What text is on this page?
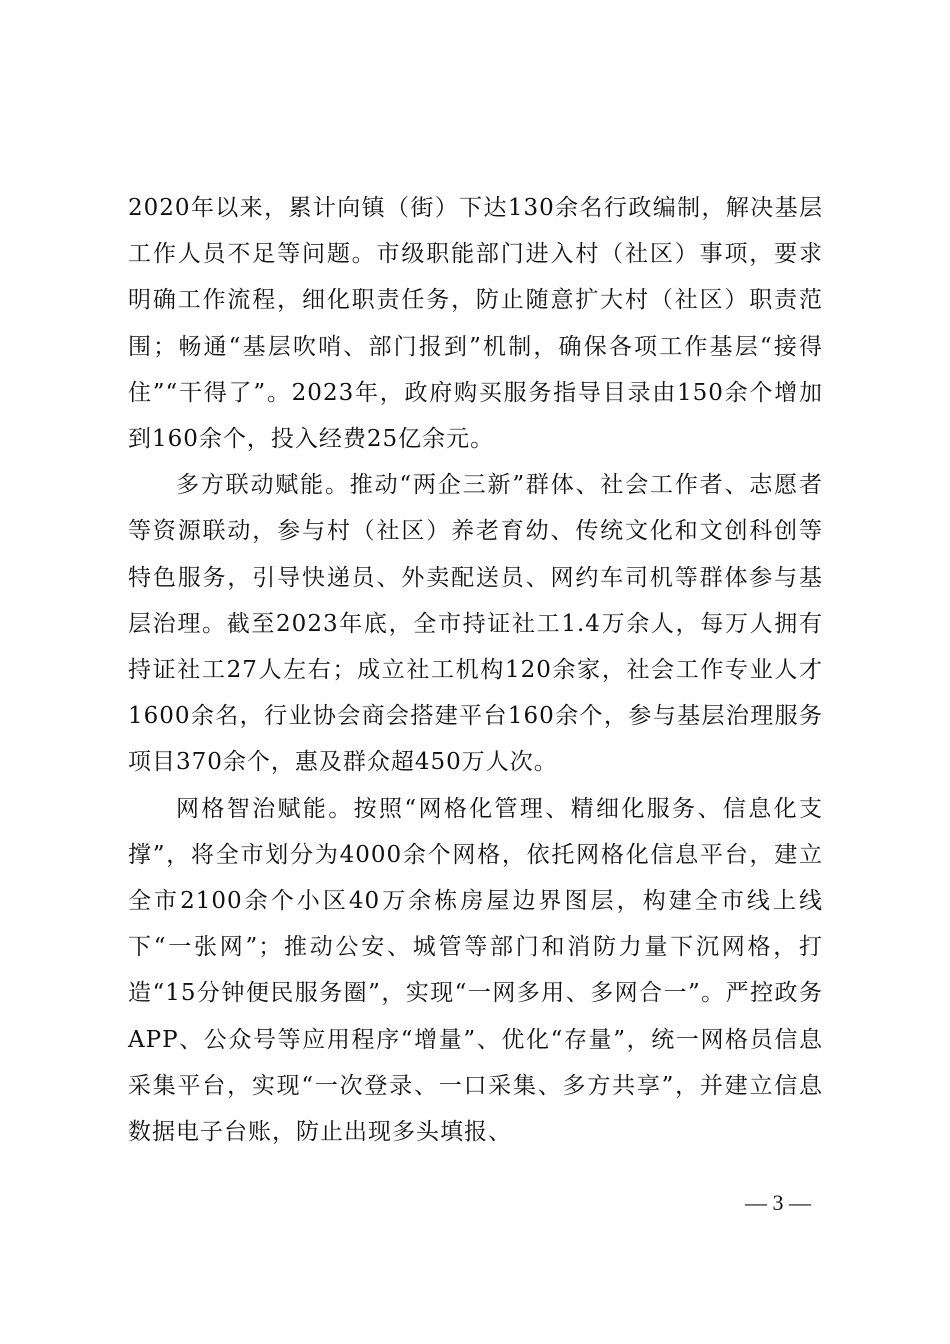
2020年以来，累计向镇（街）下达130余名行政编制，解决基层工作人员不足等问题。市级职能部门进入村（社区）事项，要求明确工作流程，细化职责任务，防止随意扩大村（社区）职责范围；畅通“基层吹哨、部门报到”机制，确保各项工作基层“接得住”“干得了”。2023年，政府购买服务指导目录由150余个增加到160余个，投入经费25亿余元。

多方联动赋能。推动“两企三新”群体、社会工作者、志愿者等资源联动，参与村（社区）养老育幼、传统文化和文创科创等特色服务，引导快递员、外卖配送员、网约车司机等群体参与基层治理。截至2023年底，全市持证社工1.4万余人，每万人拥有持证社工27人左右；成立社工机构120余家，社会工作专业人才1600余名，行业协会商会搭建平台160余个，参与基层治理服务项目370余个，惠及群众超450万人次。

网格智治赋能。按照“网格化管理、精细化服务、信息化支撑”，将全市划分为4000余个网格，依托网格化信息平台，建立全市2100余个小区40万余栋房屋边界图层，构建全市线上线下“一张网”；推动公安、城管等部门和消防力量下沉网格，打造“15分钟便民服务圈”，实现“一网多用、多网合一”。严控政务APP、公众号等应用程序“增量”、优化“存量”，统一网格员信息采集平台，实现“一次登录、一口采集、多方共享”，并建立信息数据电子台账，防止出现多头填报、

— 3 —
